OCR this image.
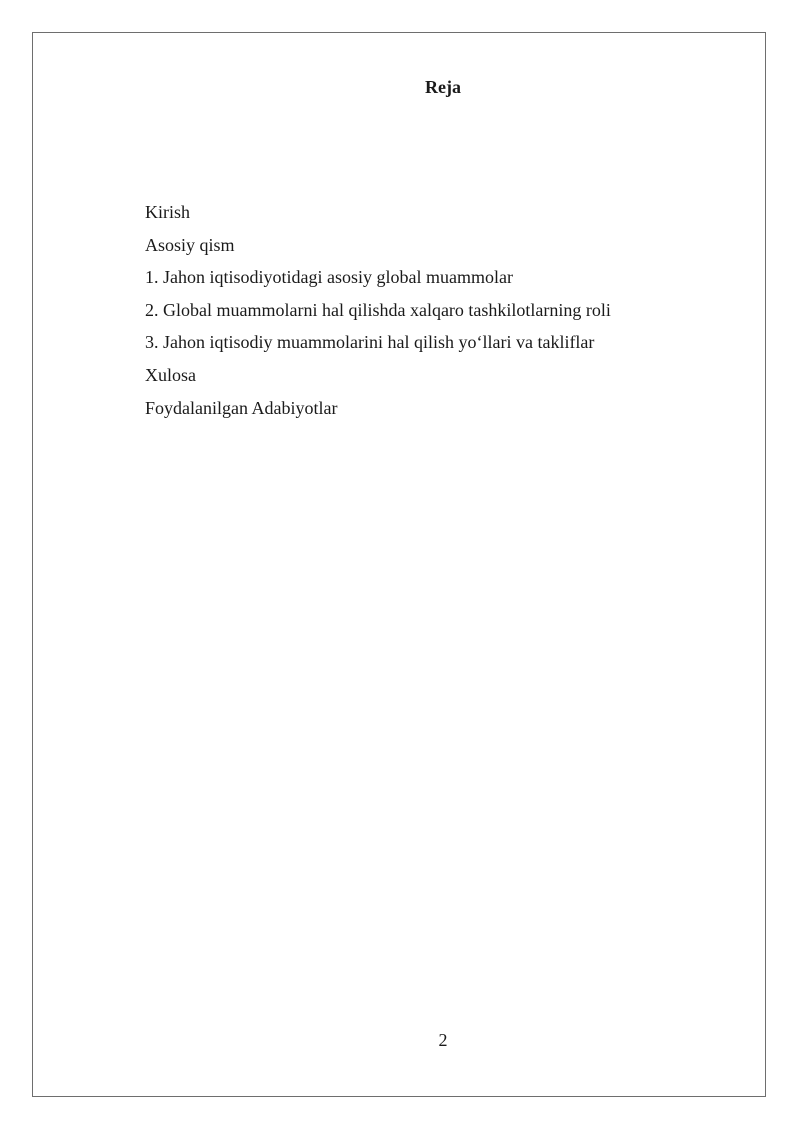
Reja
Kirish
Asosiy qism
1. Jahon iqtisodiyotidagi asosiy global muammolar
2. Global muammolarni hal qilishda xalqaro tashkilotlarning roli
3. Jahon iqtisodiy muammolarini hal qilish yo‘llari va takliflar
Xulosa
Foydalanilgan Adabiyotlar
2
